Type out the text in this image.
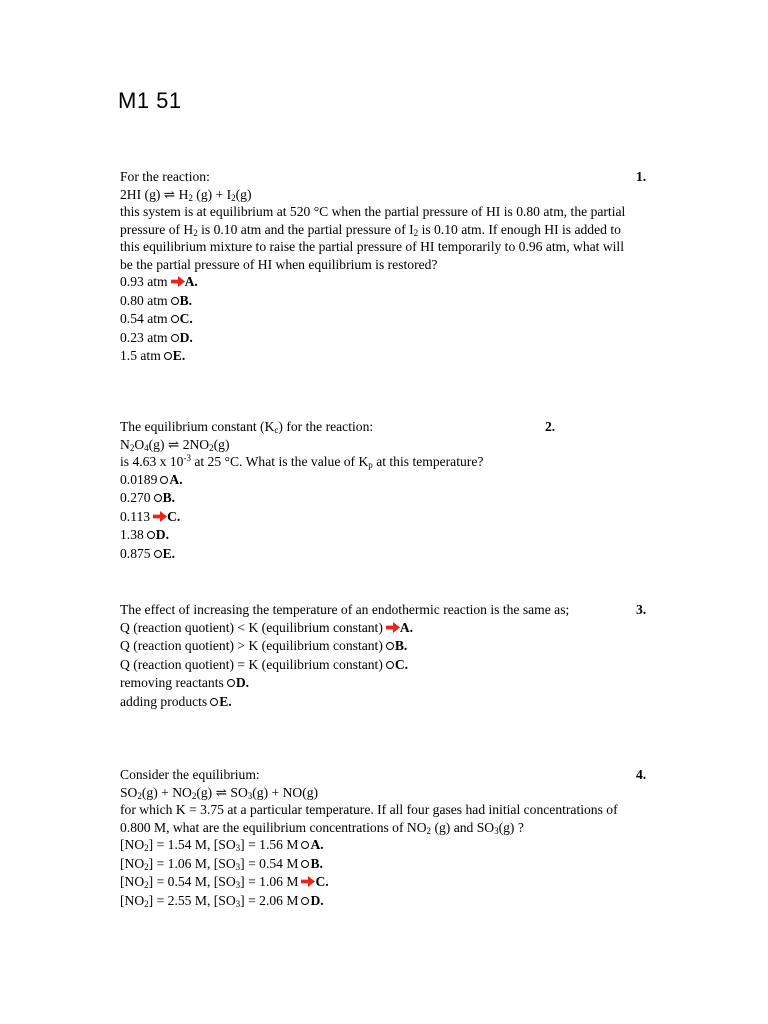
M1 51
1.
For the reaction:
2HI (g) ⇌ $H_2$ $(g) + I_2(g)$
this system is at equilibrium at 520 °C when the partial pressure of HI is 0.80 atm, the partial pressure of $H_2$ is 0.10 atm and the partial pressure of $I_2$ is 0.10 atm. If enough HI is added to this equilibrium mixture to raise the partial pressure of HI temporarily to 0.96 atm, what will be the partial pressure of HI when equilibrium is restored?
0.93 atm A.
0.80 atm B.
0.54 atm C.
0.23 atm D.
1.5 atm E.
2.
The equilibrium constant $(K_c)$ for the reaction:
$N_2O_4(g)$ ⇌ $2NO_2(g)$
is 4.63 x $10^{-3}$ at 25 °C. What is the value of $K_p$ at this temperature?
0.0189 A.
0.270 B.
0.113 C.
1.38 D.
0.875 E.
3.
The effect of increasing the temperature of an endothermic reaction is the same as;
Q (reaction quotient) < K (equilibrium constant) A.
Q (reaction quotient) > K (equilibrium constant) B.
Q (reaction quotient) = K (equilibrium constant) C.
removing reactants D.
adding products E.
4.
Consider the equilibrium:
$SO_2(g) + NO_2(g)$ ⇌ $SO_3(g) + NO(g)$
for which K = 3.75 at a particular temperature. If all four gases had initial concentrations of 0.800 M, what are the equilibrium concentrations of $NO_2$ (g) and $SO_3(g)$ ?
$[NO_2] = 1.54$ M, $[SO_3] = 1.56$ M A.
$[NO_2] = 1.06$ M, $[SO_3] = 0.54$ M B.
$[NO_2] = 0.54$ M, $[SO_3] = 1.06$ M C.
$[NO_2] = 2.55$ M, $[SO_3] = 2.06$ M D.
